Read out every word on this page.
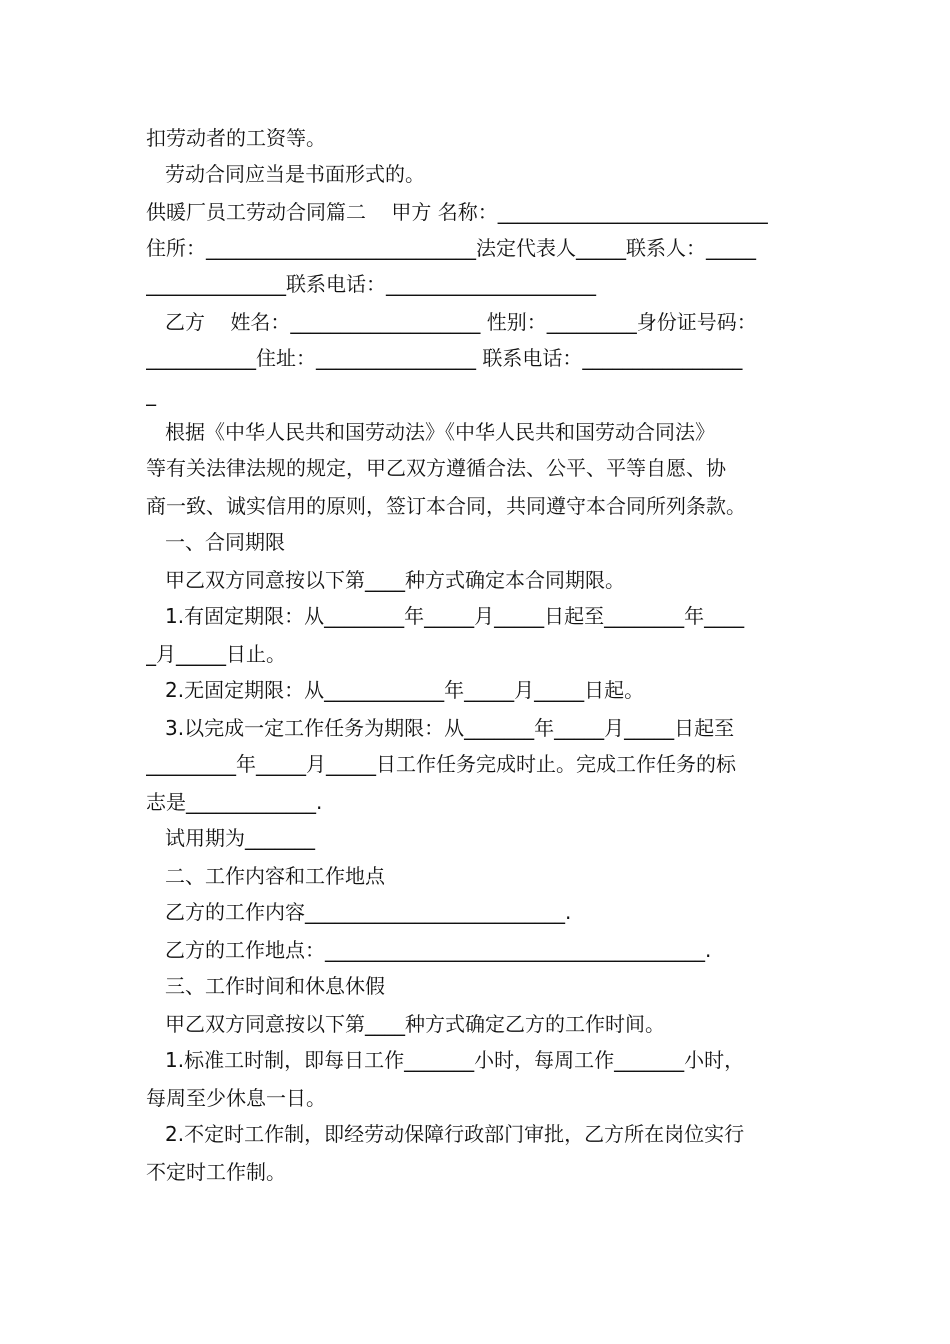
扣劳动者的工资等。
劳动合同应当是书面形式的。
供暖厂员工劳动合同篇二    甲方 名称：___________________________
住所：___________________________法定代表人_____联系人：_____
______________联系电话：_____________________
乙方    姓名：___________________ 性别：_________身份证号码：
___________住址：________________ 联系电话：________________
_
根据《中华人民共和国劳动法》《中华人民共和国劳动合同法》
等有关法律法规的规定，甲乙双方遵循合法、公平、平等自愿、协
商一致、诚实信用的原则，签订本合同，共同遵守本合同所列条款。
一、合同期限
甲乙双方同意按以下第____种方式确定本合同期限。
1.有固定期限：从________年_____月_____日起至________年____
_月_____日止。
2.无固定期限：从____________年_____月_____日起。
3.以完成一定工作任务为期限：从_______年_____月_____日起至
_________年_____月_____日工作任务完成时止。完成工作任务的标
志是_____________.
试用期为_______
二、工作内容和工作地点
乙方的工作内容__________________________.
乙方的工作地点：______________________________________.
三、工作时间和休息休假
甲乙双方同意按以下第____种方式确定乙方的工作时间。
1.标准工时制，即每日工作_______小时，每周工作_______小时，
每周至少休息一日。
2.不定时工作制，即经劳动保障行政部门审批，乙方所在岗位实行
不定时工作制。
